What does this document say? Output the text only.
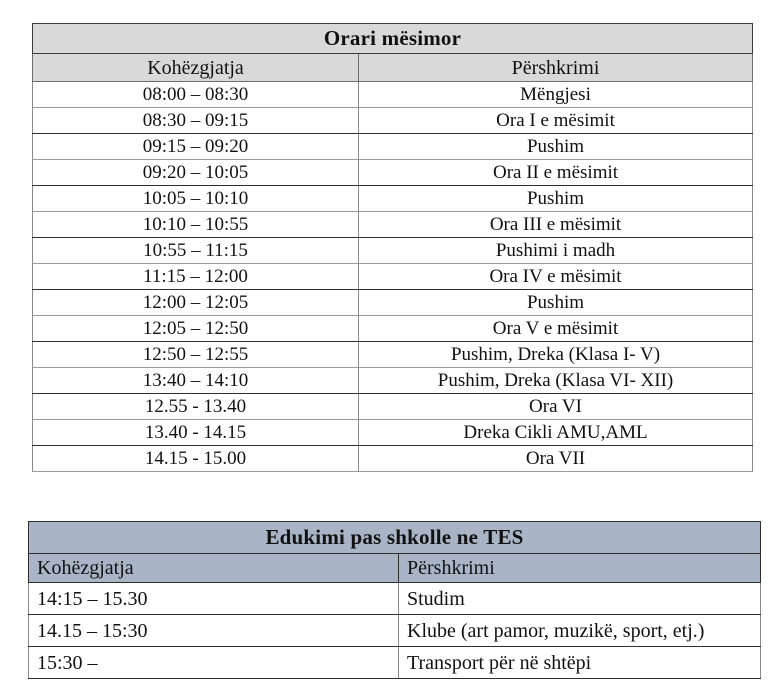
Orari mësimor	
Kohëzgjatja	Përshkrimi
08:00 – 08:30	Mëngjesi
08:30 – 09:15	Ora I e mësimit
09:15 – 09:20	Pushim
09:20 – 10:05	Ora II e mësimit
10:05 – 10:10	Pushim
10:10 – 10:55	Ora III e mësimit
10:55 – 11:15	Pushimi i madh
11:15 – 12:00	Ora IV e mësimit
12:00 – 12:05	Pushim
12:05 – 12:50	Ora V e mësimit
12:50 – 12:55	Pushim, Dreka (Klasa I- V)
13:40 – 14:10	Pushim, Dreka (Klasa VI- XII)
12.55 - 13.40	Ora VI
13.40 - 14.15	Dreka Cikli AMU,AML
14.15 - 15.00	Ora VII
Edukimi pas shkolle ne TES	
Kohëzgjatja	Përshkrimi
14:15 – 15.30	Studim
14.15 – 15:30	Klube (art pamor, muzikë, sport, etj.)
15:30 –	Transport për në shtëpi
